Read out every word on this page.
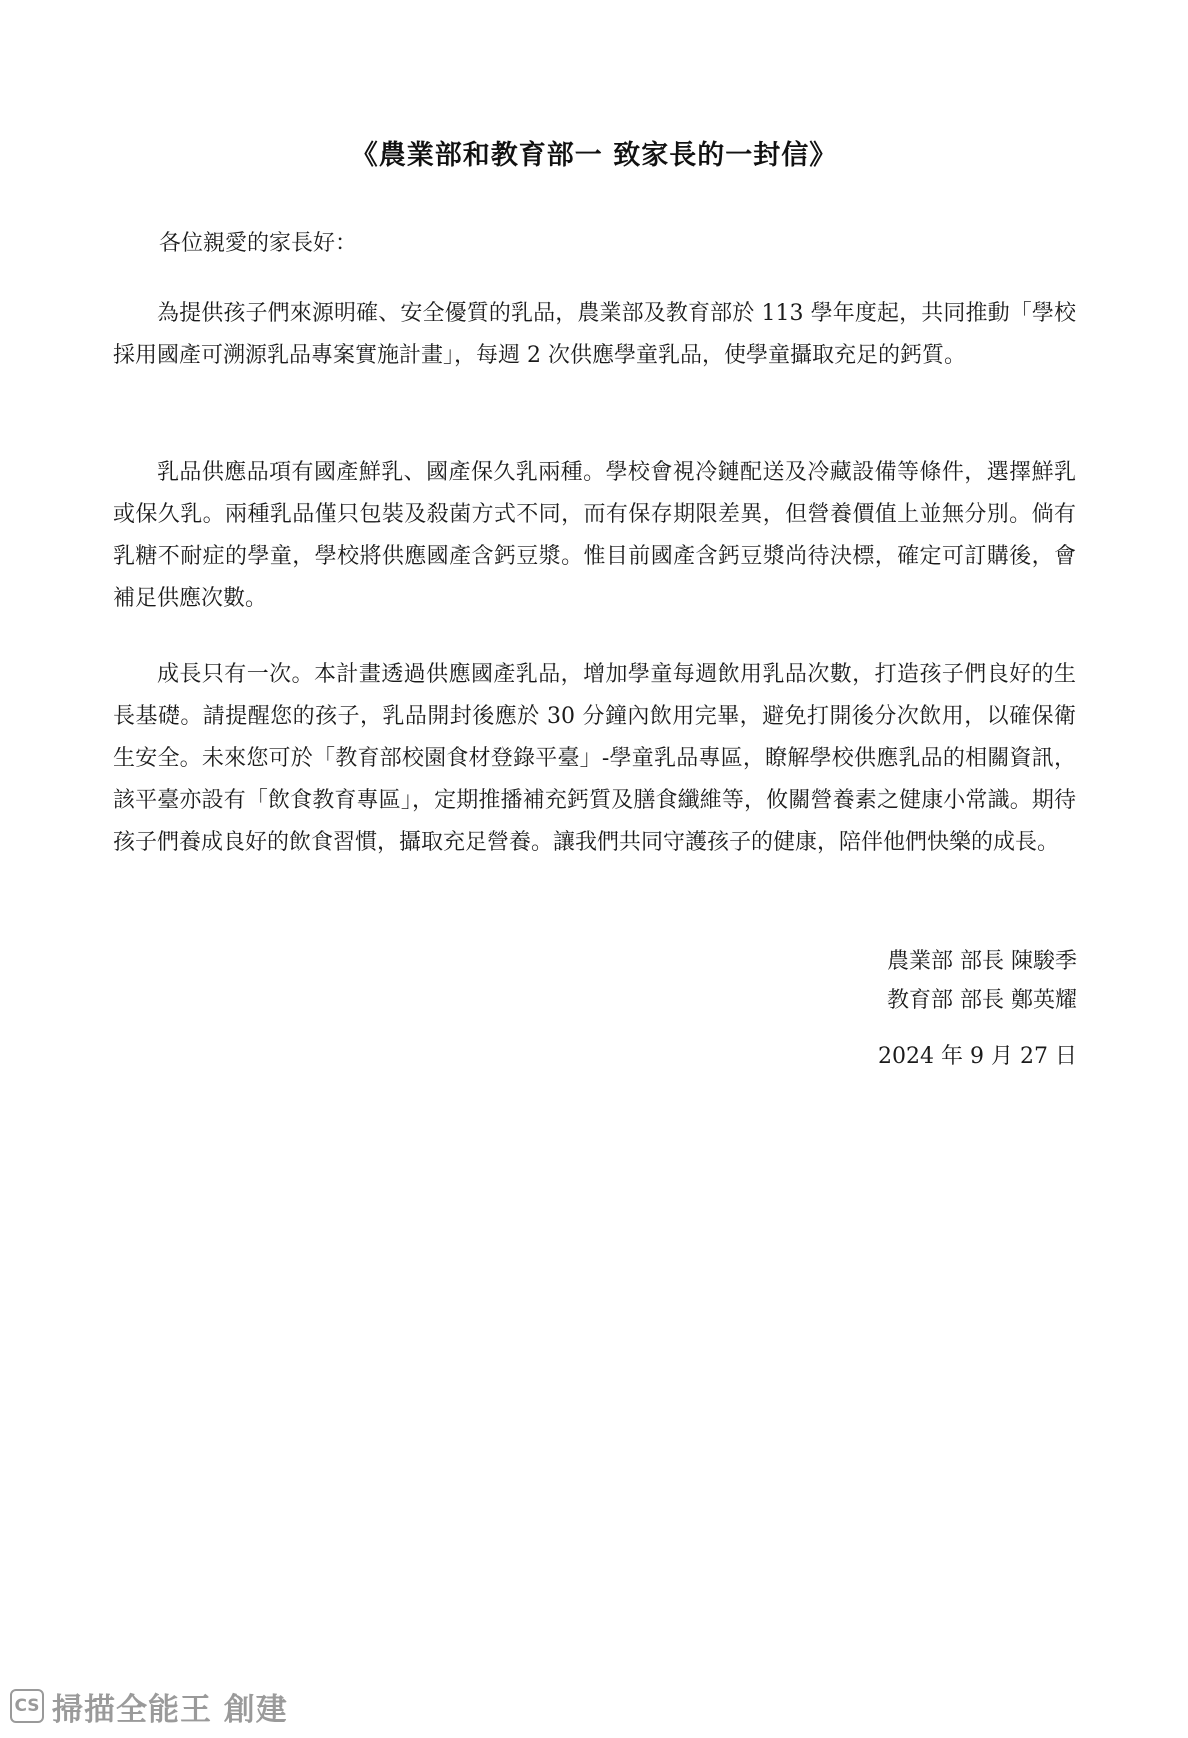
《農業部和教育部一 致家長的一封信》
各位親愛的家長好：

為提供孩子們來源明確、安全優質的乳品，農業部及教育部於 113 學年度起，共同推動「學校採用國產可溯源乳品專案實施計畫」，每週 2 次供應學童乳品，使學童攝取充足的鈣質。

乳品供應品項有國產鮮乳、國產保久乳兩種。學校會視冷鏈配送及冷藏設備等條件，選擇鮮乳或保久乳。兩種乳品僅只包裝及殺菌方式不同，而有保存期限差異，但營養價值上並無分別。倘有乳糖不耐症的學童，學校將供應國產含鈣豆漿。惟目前國產含鈣豆漿尚待決標，確定可訂購後，會補足供應次數。

成長只有一次。本計畫透過供應國產乳品，增加學童每週飲用乳品次數，打造孩子們良好的生長基礎。請提醒您的孩子，乳品開封後應於 30 分鐘內飲用完畢，避免打開後分次飲用，以確保衛生安全。未來您可於「教育部校園食材登錄平臺」-學童乳品專區，瞭解學校供應乳品的相關資訊，該平臺亦設有「飲食教育專區」，定期推播補充鈣質及膳食纖維等，攸關營養素之健康小常識。期待孩子們養成良好的飲食習慣，攝取充足營養。讓我們共同守護孩子的健康，陪伴他們快樂的成長。

農業部 部長 陳駿季
教育部 部長 鄭英耀
2024 年 9 月 27 日
CS 掃描全能王 創建
